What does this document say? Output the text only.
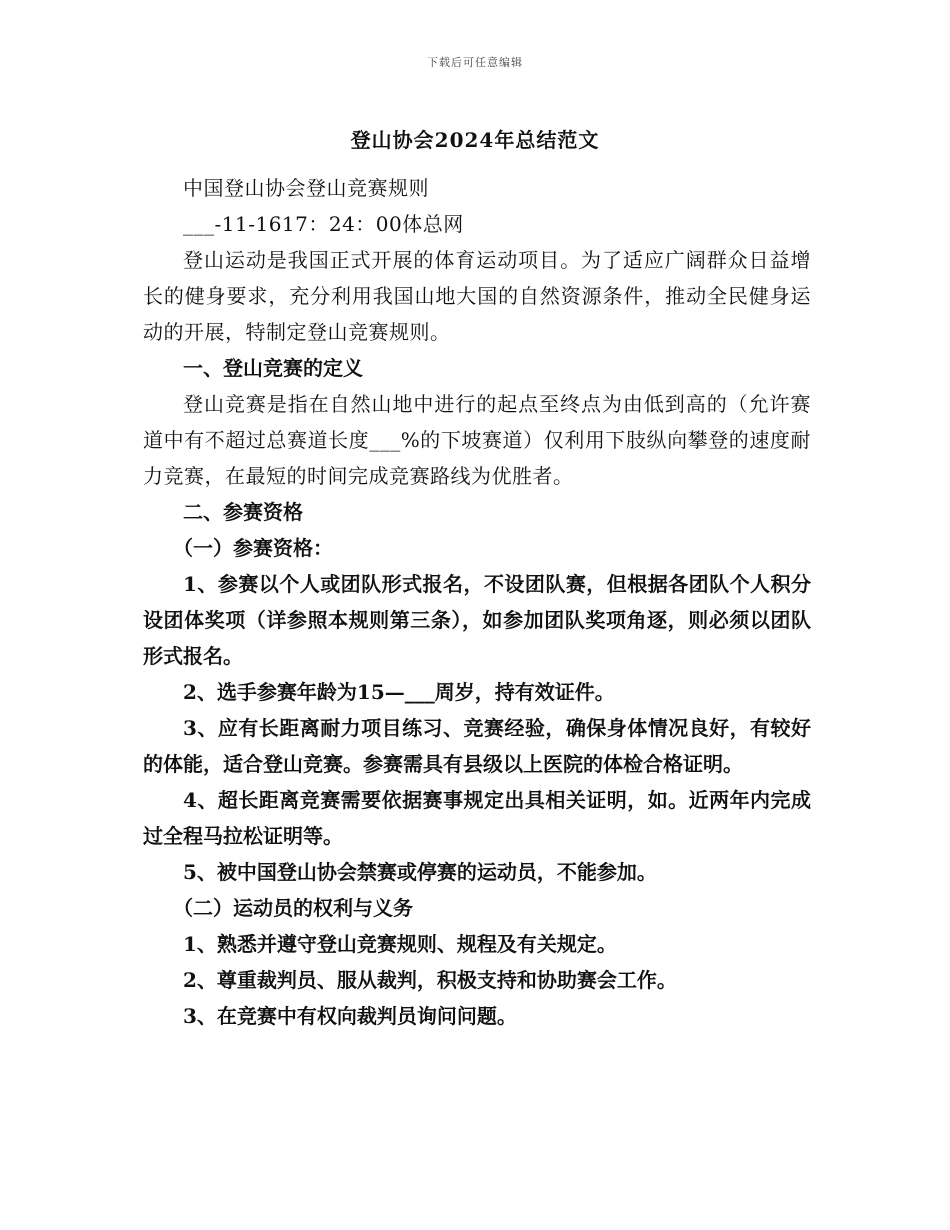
下载后可任意编辑
登山协会2024年总结范文

中国登山协会登山竞赛规则

___-11-1617：24：00体总网

登山运动是我国正式开展的体育运动项目。为了适应广阔群众日益增长的健身要求，充分利用我国山地大国的自然资源条件，推动全民健身运动的开展，特制定登山竞赛规则。

一、登山竞赛的定义

登山竞赛是指在自然山地中进行的起点至终点为由低到高的（允许赛道中有不超过总赛道长度___%的下坡赛道）仅利用下肢纵向攀登的速度耐力竞赛，在最短的时间完成竞赛路线为优胜者。

二、参赛资格

（一）参赛资格：

1、参赛以个人或团队形式报名，不设团队赛，但根据各团队个人积分设团体奖项（详参照本规则第三条），如参加团队奖项角逐，则必须以团队形式报名。

2、选手参赛年龄为15—___周岁，持有效证件。

3、应有长距离耐力项目练习、竞赛经验，确保身体情况良好，有较好的体能，适合登山竞赛。参赛需具有县级以上医院的体检合格证明。

4、超长距离竞赛需要依据赛事规定出具相关证明，如。近两年内完成过全程马拉松证明等。

5、被中国登山协会禁赛或停赛的运动员，不能参加。

（二）运动员的权利与义务

1、熟悉并遵守登山竞赛规则、规程及有关规定。

2、尊重裁判员、服从裁判，积极支持和协助赛会工作。

3、在竞赛中有权向裁判员询问问题。
